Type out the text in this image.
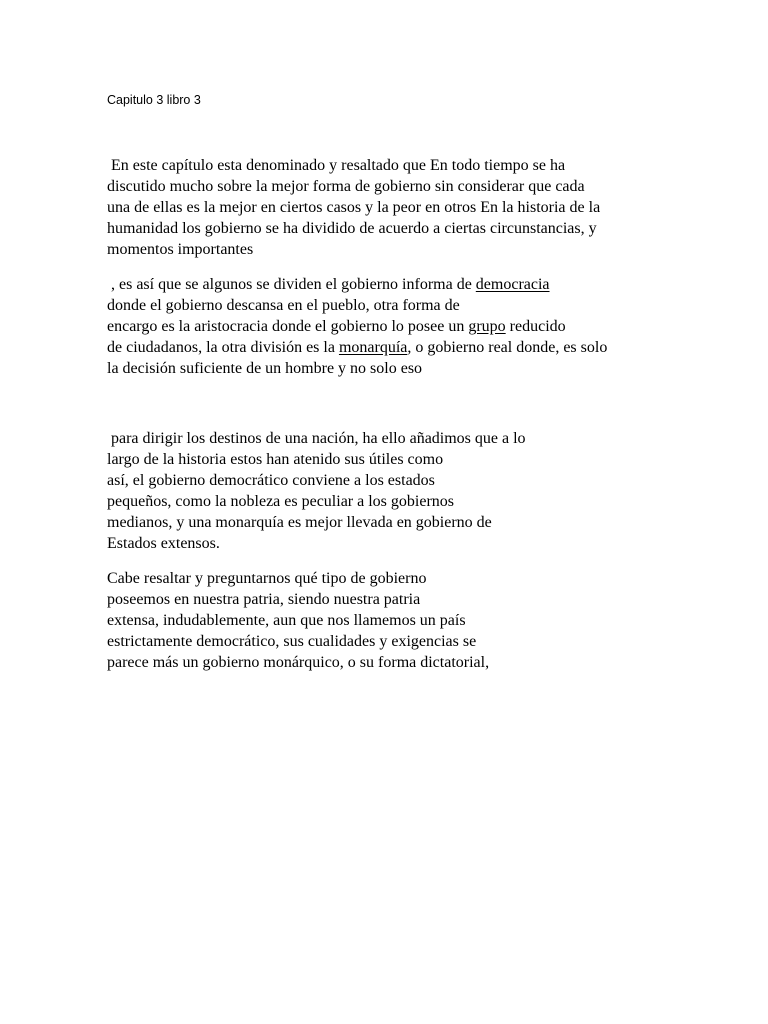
Capitulo 3 libro 3
En este capítulo esta denominado y resaltado que En todo tiempo se ha
discutido mucho sobre la mejor forma de gobierno sin considerar que cada
una de ellas es la mejor en ciertos casos y la peor en otros En la historia de la
humanidad los gobierno se ha dividido de acuerdo a ciertas circunstancias, y
momentos importantes
, es así que se algunos se dividen el gobierno informa de democracia
donde el gobierno descansa en el pueblo, otra forma de
encargo es la aristocracia donde el gobierno lo posee un grupo reducido
de ciudadanos, la otra división es la monarquía, o gobierno real donde, es solo
la decisión suficiente de un hombre y no solo eso
para dirigir los destinos de una nación, ha ello añadimos que a lo
largo de la historia estos han atenido sus útiles como
así, el gobierno democrático conviene a los estados
pequeños, como la nobleza es peculiar a los gobiernos
medianos, y una monarquía es mejor llevada en gobierno de
Estados extensos.
Cabe resaltar y preguntarnos qué tipo de gobierno
poseemos en nuestra patria, siendo nuestra patria
extensa, indudablemente, aun que nos llamemos un país
estrictamente democrático, sus cualidades y exigencias se
parece más un gobierno monárquico, o su forma dictatorial,
